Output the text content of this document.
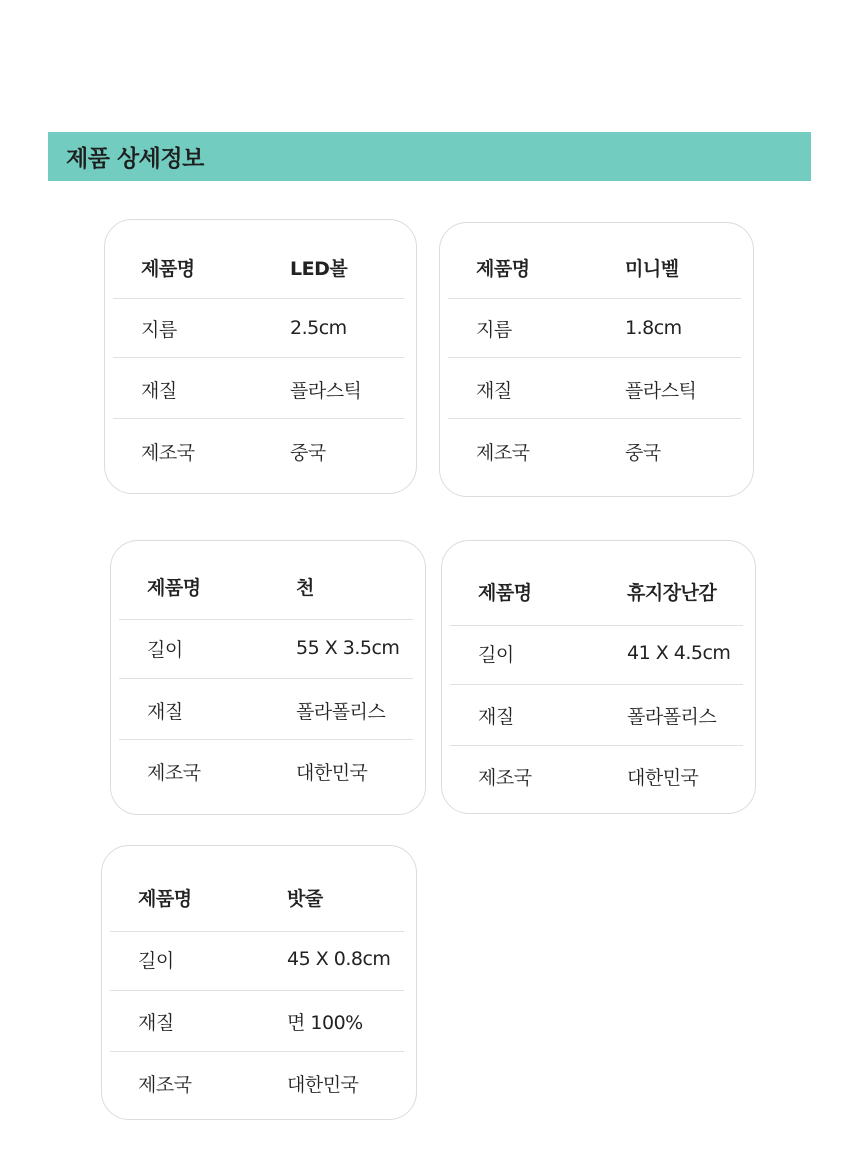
제품 상세정보
제품명	LED볼
지름	2.5cm
재질	플라스틱
제조국	중국
제품명	미니벨
지름	1.8cm
재질	플라스틱
제조국	중국
제품명	천
길이	55 X 3.5cm
재질	폴라폴리스
제조국	대한민국
제품명	휴지장난감
길이	41 X 4.5cm
재질	폴라폴리스
제조국	대한민국
제품명	밧줄
길이	45 X 0.8cm
재질	면 100%
제조국	대한민국
